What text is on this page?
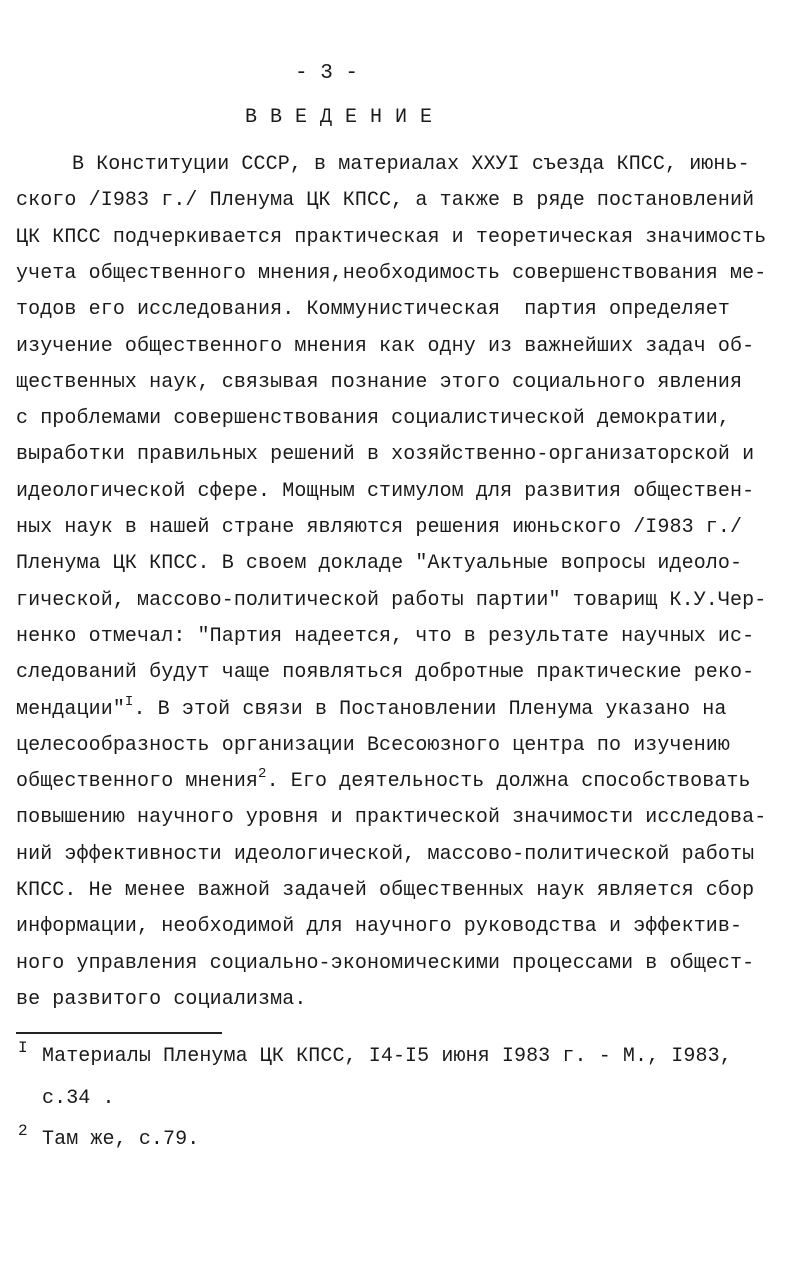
- 3 -
В В Е Д Е Н И Е
В Конституции СССР, в материалах XXУI съезда КПСС, июнь-
ского /I983 г./ Пленума ЦК КПСС, а также в ряде постановлений
ЦК КПСС подчеркивается практическая и теоретическая значимость
учета общественного мнения,необходимость совершенствования ме-
тодов его исследования. Коммунистическая  партия определяет
изучение общественного мнения как одну из важнейших задач об-
щественных наук, связывая познание этого социального явления
с проблемами совершенствования социалистической демократии,
выработки правильных решений в хозяйственно-организаторской и
идеологической сфере. Мощным стимулом для развития обществен-
ных наук в нашей стране являются решения июньского /I983 г./
Пленума ЦК КПСС. В своем докладе "Актуальные вопросы идеоло-
гической, массово-политической работы партии" товарищ К.У.Чер-
ненко отмечал: "Партия надеется, что в результате научных ис-
следований будут чаще появляться добротные практические реко-
мендации"$^I$. В этой связи в Постановлении Пленума указано на
целесообразность организации Всесоюзного центра по изучению
общественного мнения$^2$. Его деятельность должна способствовать
повышению научного уровня и практической значимости исследова-
ний эффективности идеологической, массово-политической работы
КПСС. Не менее важной задачей общественных наук является сбор
информации, необходимой для научного руководства и эффектив-
ного управления социально-экономическими процессами в общест-
ве развитого социализма.
I Материалы Пленума ЦК КПСС, I4-I5 июня I983 г. - М., I983,
с.34 .
2 Там же, с.79.
